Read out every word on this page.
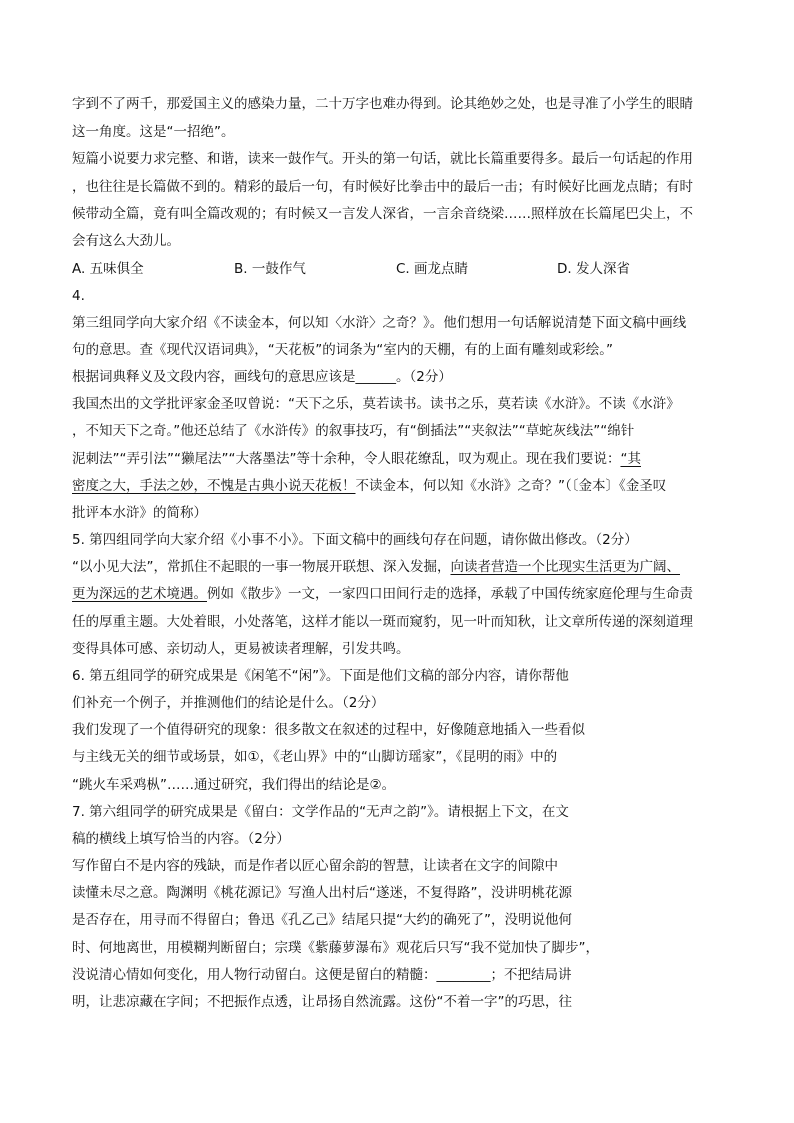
字到不了两千，那爱国主义的感染力量，二十万字也难办得到。论其绝妙之处，也是寻准了小学生的眼睛
这一角度。这是“一招绝”。
短篇小说要力求完整、和谐，读来一鼓作气。开头的第一句话，就比长篇重要得多。最后一句话起的作用
，也往往是长篇做不到的。精彩的最后一句，有时候好比拳击中的最后一击；有时候好比画龙点睛；有时
候带动全篇，竟有叫全篇改观的；有时候又一言发人深省，一言余音绕梁……照样放在长篇尾巴尖上，不
会有这么大劲儿。
A. 五味俱全	B. 一鼓作气	C. 画龙点睛	D. 发人深省
4.
第三组同学向大家介绍《不读金本，何以知〈水浒〉之奇？》。他们想用一句话解说清楚下面文稿中画线
句的意思。查《现代汉语词典》，“天花板”的词条为“室内的天棚，有的上面有雕刻或彩绘。”
根据词典释义及文段内容，画线句的意思应该是______。（2分）
我国杰出的文学批评家金圣叹曾说：“天下之乐，莫若读书。读书之乐，莫若读《水浒》。不读《水浒》
，不知天下之奇。”他还总结了《水浒传》的叙事技巧，有“倒插法”“夹叙法”“草蛇灰线法”“绵针
泥刺法”“弄引法”“獭尾法”“大落墨法”等十余种，令人眼花缭乱，叹为观止。现在我们要说：“其
密度之大，手法之妙，不愧是古典小说天花板！不读金本，何以知《水浒》之奇？”（〔金本〕《金圣叹
批评本水浒》的简称）
5. 第四组同学向大家介绍《小事不小》。下面文稿中的画线句存在问题，请你做出修改。（2分）
“以小见大法”，常抓住不起眼的一事一物展开联想、深入发掘，向读者营造一个比现实生活更为广阔、
更为深远的艺术境遇。例如《散步》一文，一家四口田间行走的选择，承载了中国传统家庭伦理与生命责
任的厚重主题。大处着眼，小处落笔，这样才能以一斑而窥豹，见一叶而知秋，让文章所传递的深刻道理
变得具体可感、亲切动人，更易被读者理解，引发共鸣。
6. 第五组同学的研究成果是《闲笔不“闲”》。下面是他们文稿的部分内容，请你帮他
们补充一个例子，并推测他们的结论是什么。（2分）
我们发现了一个值得研究的现象：很多散文在叙述的过程中，好像随意地插入一些看似
与主线无关的细节或场景，如①，《老山界》中的“山脚访瑶家”，《昆明的雨》中的
“跳火车采鸡枞”……通过研究，我们得出的结论是②。
7. 第六组同学的研究成果是《留白：文学作品的“无声之韵”》。请根据上下文，在文
稿的横线上填写恰当的内容。（2分）
写作留白不是内容的残缺，而是作者以匠心留余韵的智慧，让读者在文字的间隙中
读懂未尽之意。陶渊明《桃花源记》写渔人出村后“遂迷，不复得路”，没讲明桃花源
是否存在，用寻而不得留白；鲁迅《孔乙己》结尾只提“大约的确死了”，没明说他何
时、何地离世，用模糊判断留白；宗璞《紫藤萝瀑布》观花后只写“我不觉加快了脚步”，
没说清心情如何变化，用人物行动留白。这便是留白的精髓：________；不把结局讲
明，让悲凉藏在字间；不把振作点透，让昂扬自然流露。这份“不着一字”的巧思，往
